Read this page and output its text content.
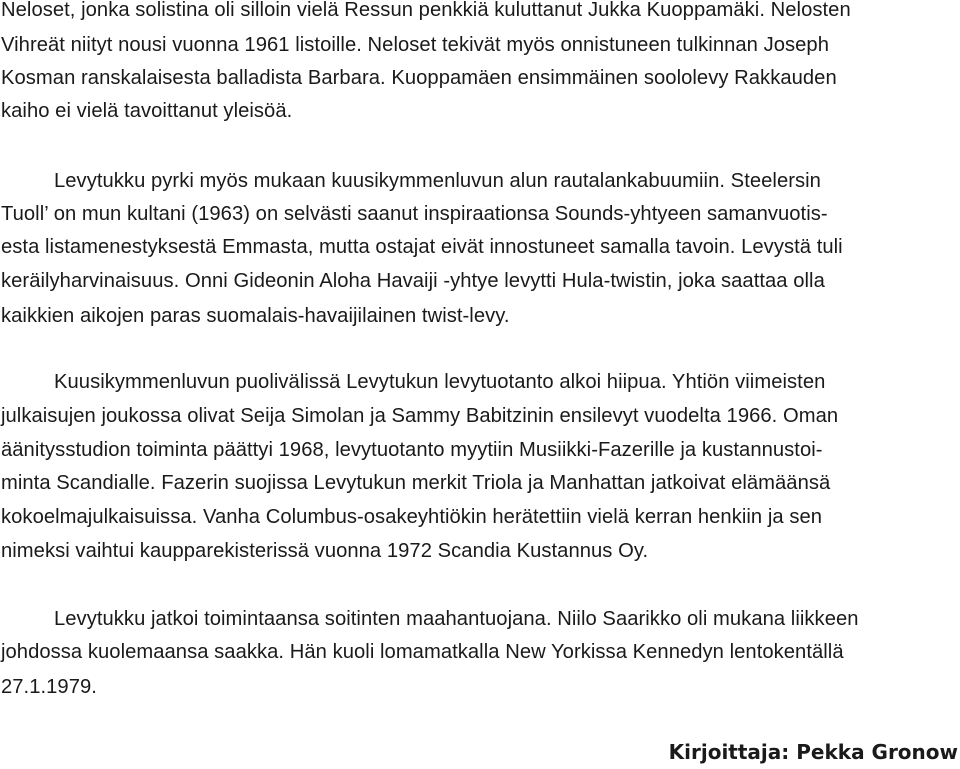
Neloset, jonka solistina oli silloin vielä Ressun penkkiä kuluttanut Jukka Kuoppamäki. Nelosten
Vihreät niityt nousi vuonna 1961 listoille. Neloset tekivät myös onnistuneen tulkinnan Joseph
Kosman ranskalaisesta balladista Barbara. Kuoppamäen ensimmäinen soololevy Rakkauden
kaiho ei vielä tavoittanut yleisöä.
Levytukku pyrki myös mukaan kuusikymmenluvun alun rautalankabuumiin. Steelersin
Tuoll’ on mun kultani (1963) on selvästi saanut inspiraationsa Sounds-yhtyeen samanvuotis-
esta listamenestyksestä Emmasta, mutta ostajat eivät innostuneet samalla tavoin. Levystä tuli
keräilyharvinaisuus. Onni Gideonin Aloha Havaiji -yhtye levytti Hula-twistin, joka saattaa olla
kaikkien aikojen paras suomalais-havaijilainen twist-levy.
Kuusikymmenluvun puolivälissä Levytukun levytuotanto alkoi hiipua. Yhtiön viimeisten
julkaisujen joukossa olivat Seija Simolan ja Sammy Babitzinin ensilevyt vuodelta 1966. Oman
äänitysstudion toiminta päättyi 1968, levytuotanto myytiin Musiikki-Fazerille ja kustannustoi-
minta Scandialle. Fazerin suojissa Levytukun merkit Triola ja Manhattan jatkoivat elämäänsä
kokoelmajulkaisuissa. Vanha Columbus-osakeyhtiökin herätettiin vielä kerran henkiin ja sen
nimeksi vaihtui kaupparekisterissä vuonna 1972 Scandia Kustannus Oy.
Levytukku jatkoi toimintaansa soitinten maahantuojana. Niilo Saarikko oli mukana liikkeen
johdossa kuolemaansa saakka. Hän kuoli lomamatkalla New Yorkissa Kennedyn lentokentällä
27.1.1979.
Kirjoittaja: Pekka Gronow
